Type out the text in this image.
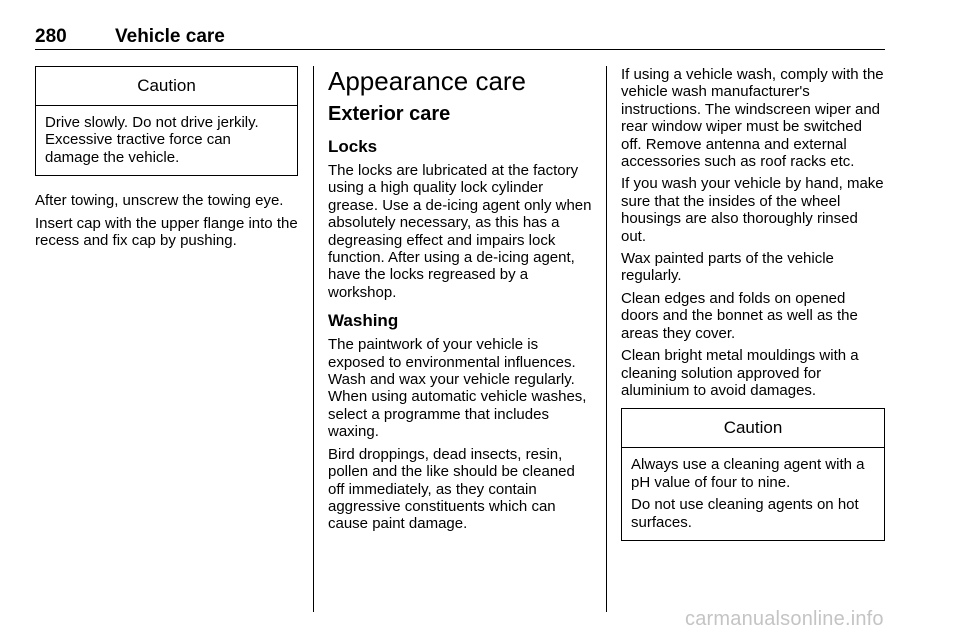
280	Vehicle care
Caution

Drive slowly. Do not drive jerkily. Excessive tractive force can damage the vehicle.

After towing, unscrew the towing eye.

Insert cap with the upper flange into the recess and fix cap by pushing.

Appearance care
Exterior care
Locks

The locks are lubricated at the factory using a high quality lock cylinder grease. Use a de-icing agent only when absolutely necessary, as this has a degreasing effect and impairs lock function. After using a de-icing agent, have the locks regreased by a workshop.

Washing

The paintwork of your vehicle is exposed to environmental influences. Wash and wax your vehicle regularly. When using automatic vehicle washes, select a programme that includes waxing.

Bird droppings, dead insects, resin, pollen and the like should be cleaned off immediately, as they contain aggressive constituents which can cause paint damage.

If using a vehicle wash, comply with the vehicle wash manufacturer's instructions. The windscreen wiper and rear window wiper must be switched off. Remove antenna and external accessories such as roof racks etc.

If you wash your vehicle by hand, make sure that the insides of the wheel housings are also thoroughly rinsed out.

Wax painted parts of the vehicle regularly.

Clean edges and folds on opened doors and the bonnet as well as the areas they cover.

Clean bright metal mouldings with a cleaning solution approved for aluminium to avoid damages.

Caution

Always use a cleaning agent with a pH value of four to nine.

Do not use cleaning agents on hot surfaces.

carmanualsonline.info
